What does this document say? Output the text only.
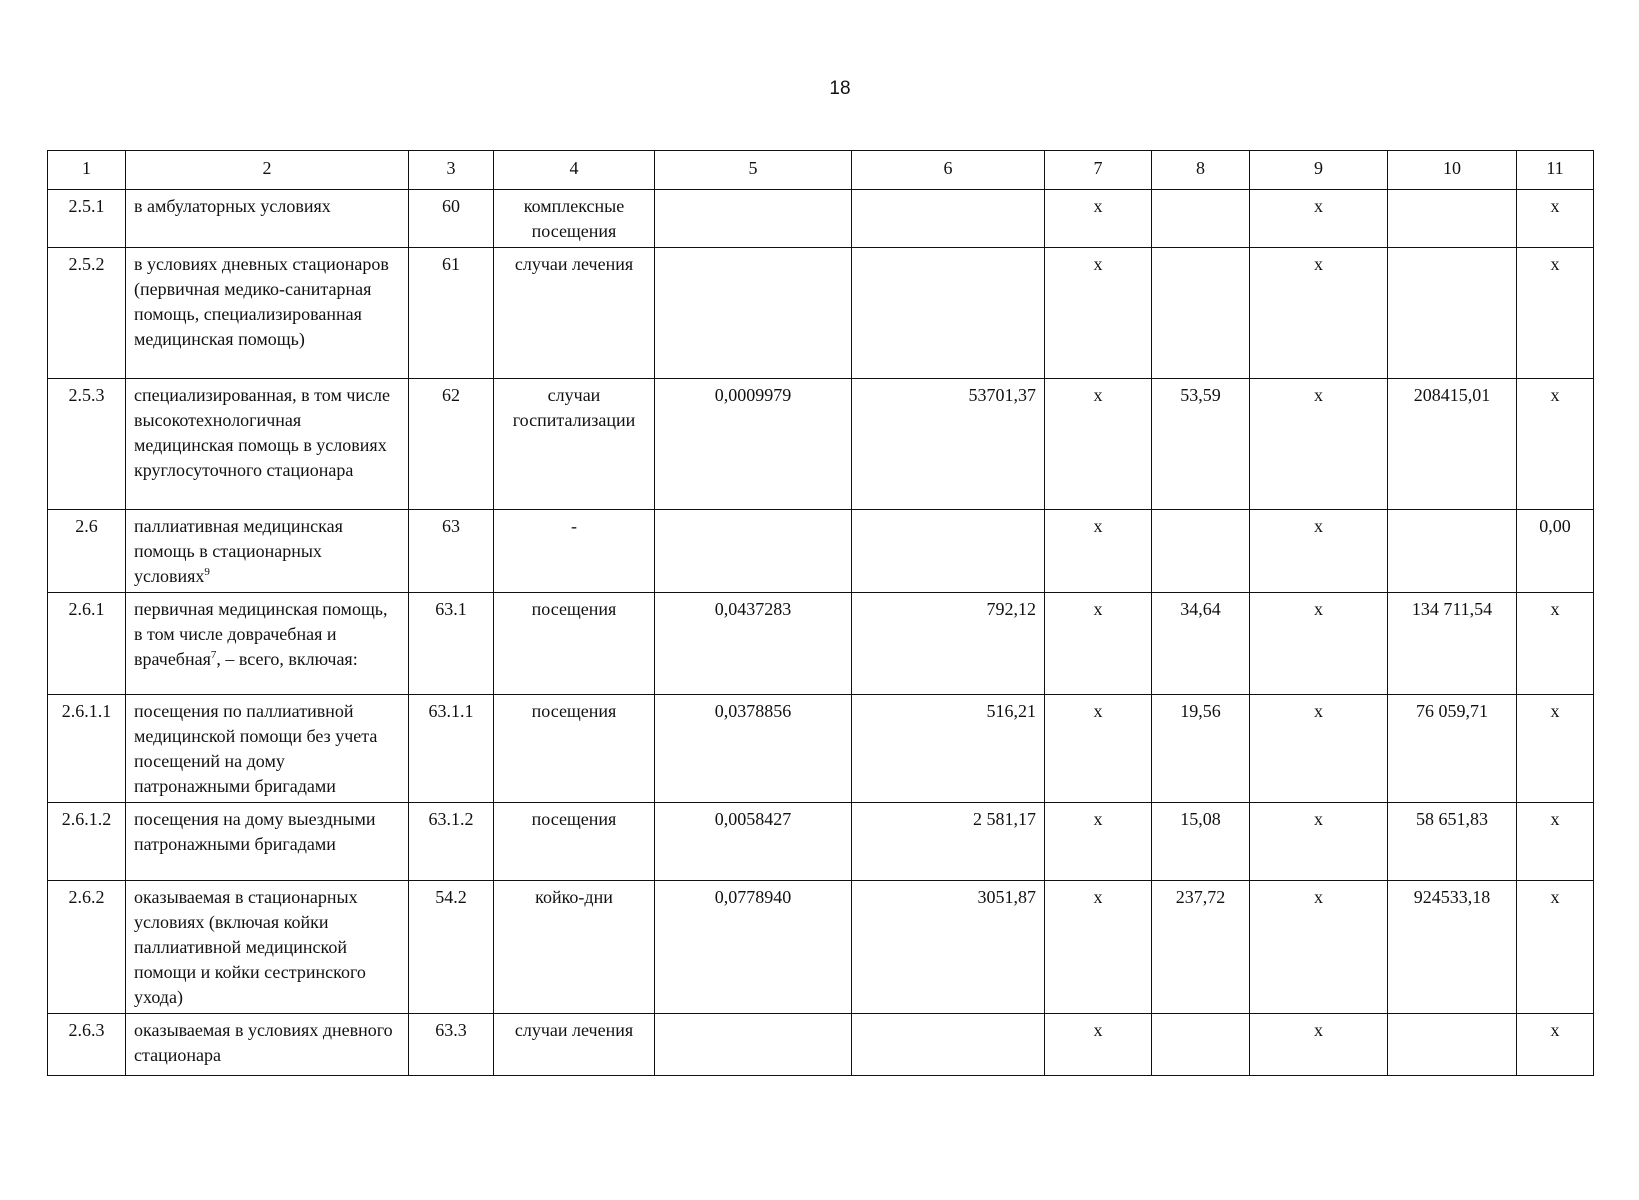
18
1	2	3	4	5	6	7	8	9	10	11
2.5.1	в амбулаторных условиях	60	комплексные посещения			х		х		х
2.5.2	в условиях дневных стационаров (первичная медико-санитарная помощь, специализированная медицинская помощь)	61	случаи лечения			х		х		х
2.5.3	специализированная, в том числе высокотехнологичная медицинская помощь в условиях круглосуточного стационара	62	случаи госпитализации	0,0009979	53701,37	х	53,59	х	208415,01	х
2.6	паллиативная медицинская помощь в стационарных условиях$^9$	63	-			х		х		0,00
2.6.1	первичная медицинская помощь, в том числе доврачебная и врачебная$^7$, – всего, включая:	63.1	посещения	0,0437283	792,12	х	34,64	х	134 711,54	х
2.6.1.1	посещения по паллиативной медицинской помощи без учета посещений на дому патронажными бригадами	63.1.1	посещения	0,0378856	516,21	х	19,56	х	76 059,71	х
2.6.1.2	посещения на дому выездными патронажными бригадами	63.1.2	посещения	0,0058427	2 581,17	х	15,08	х	58 651,83	х
2.6.2	оказываемая в стационарных условиях (включая койки паллиативной медицинской помощи и койки сестринского ухода)	54.2	койко-дни	0,0778940	3051,87	х	237,72	х	924533,18	х
2.6.3	оказываемая в условиях дневного стационара	63.3	случаи лечения			х		х		х
